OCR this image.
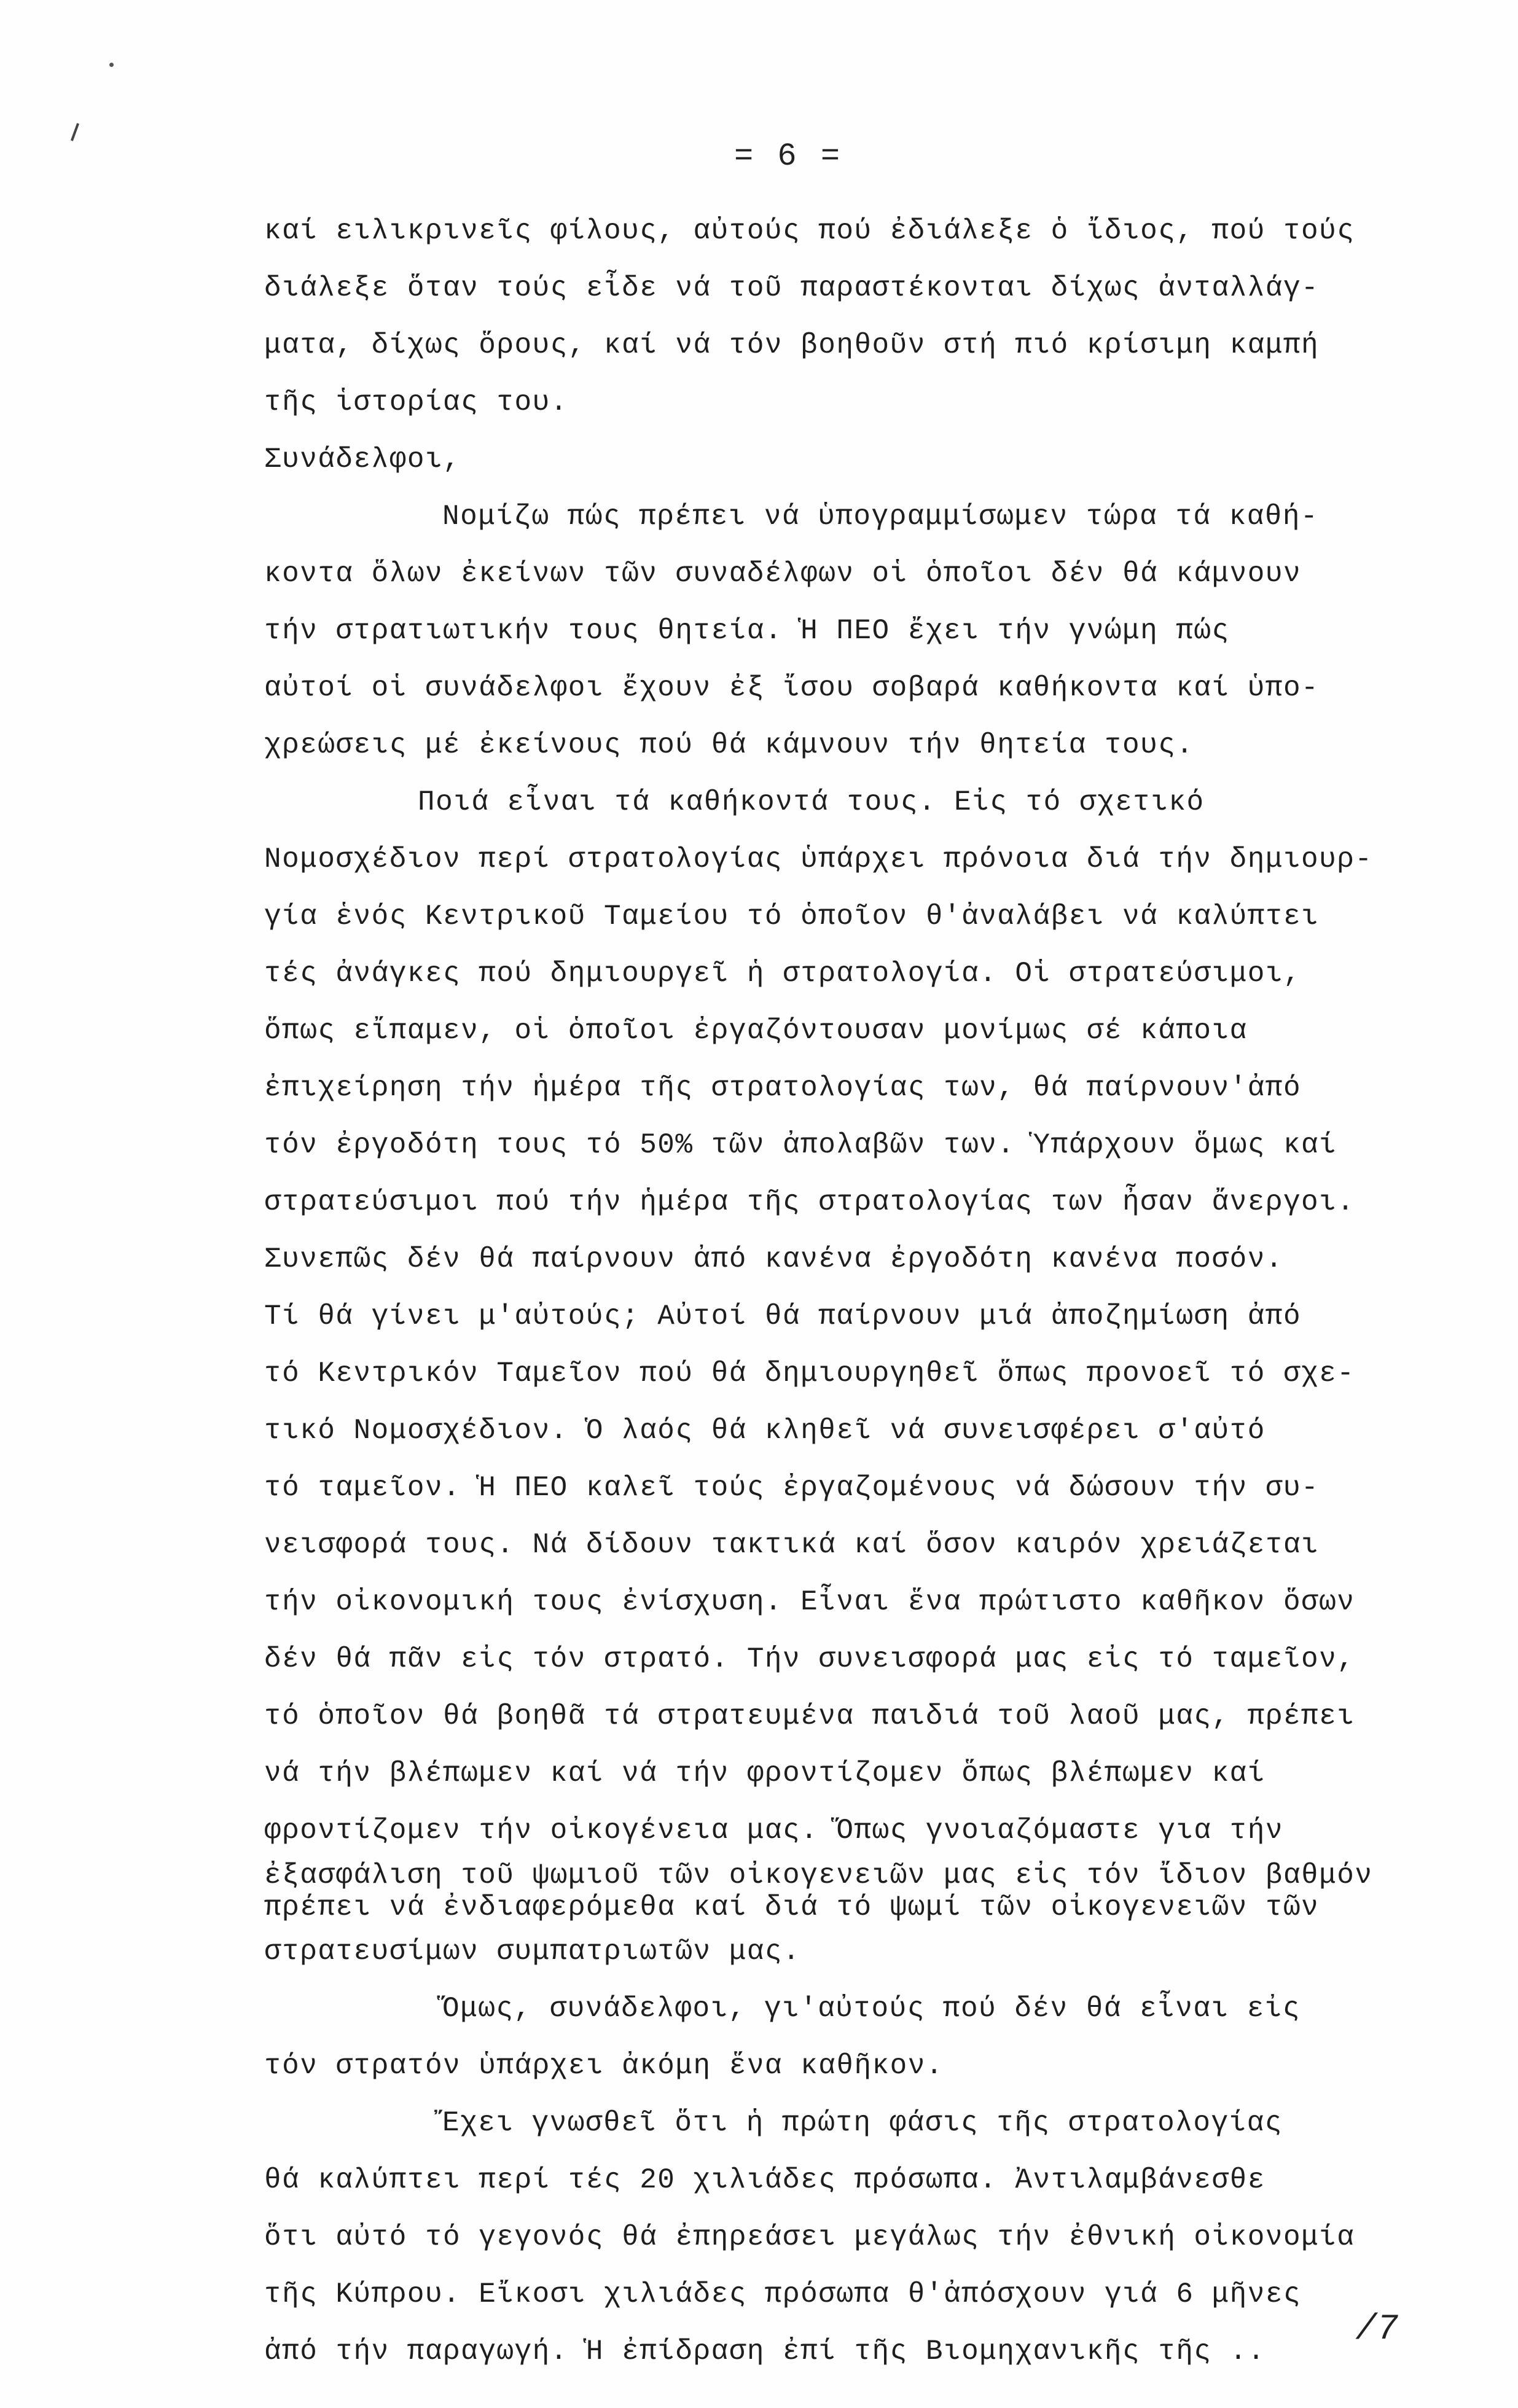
= 6 =
καί ειλικρινεῖς φίλους, αὐτούς πού ἐδιάλεξε ὁ ἴδιος, πού τούς
διάλεξε ὅταν τούς εἶδε νά τοῦ παραστέκονται δίχως ἀνταλλάγ-
ματα, δίχως ὅρους, καί νά τόν βοηθοῦν στή πιό κρίσιμη καμπή
τῆς ἱστορίας του.
Συνάδελφοι,
Νομίζω πώς πρέπει νά ὑπογραμμίσωμεν τώρα τά καθή-
κοντα ὅλων ἐκείνων τῶν συναδέλφων οἱ ὁποῖοι δέν θά κάμνουν
τήν στρατιωτικήν τους θητεία. Ἡ ΠΕΟ ἔχει τήν γνώμη πώς
αὐτοί οἱ συνάδελφοι ἔχουν ἐξ ἴσου σοβαρά καθήκοντα καί ὑπο-
χρεώσεις μέ ἐκείνους πού θά κάμνουν τήν θητεία τους.
Ποιά εἶναι τά καθήκοντά τους. Εἰς τό σχετικό
Νομοσχέδιον περί στρατολογίας ὑπάρχει πρόνοια διά τήν δημιουρ-
γία ἑνός Κεντρικοῦ Ταμείου τό ὁποῖον θ'ἀναλάβει νά καλύπτει
τές ἀνάγκες πού δημιουργεῖ ἡ στρατολογία. Οἱ στρατεύσιμοι,
ὅπως εἴπαμεν, οἱ ὁποῖοι ἐργαζόντουσαν μονίμως σέ κάποια
ἐπιχείρηση τήν ἡμέρα τῆς στρατολογίας των, θά παίρνουν'ἀπό
τόν ἐργοδότη τους τό 50% τῶν ἀπολαβῶν των. Ὑπάρχουν ὅμως καί
στρατεύσιμοι πού τήν ἡμέρα τῆς στρατολογίας των ἦσαν ἄνεργοι.
Συνεπῶς δέν θά παίρνουν ἀπό κανένα ἐργοδότη κανένα ποσόν.
Τί θά γίνει μ'αὐτούς; Αὐτοί θά παίρνουν μιά ἀποζημίωση ἀπό
τό Κεντρικόν Ταμεῖον πού θά δημιουργηθεῖ ὅπως προνοεῖ τό σχε-
τικό Νομοσχέδιον. Ὁ λαός θά κληθεῖ νά συνεισφέρει σ'αὐτό
τό ταμεῖον. Ἡ ΠΕΟ καλεῖ τούς ἐργαζομένους νά δώσουν τήν συ-
νεισφορά τους. Νά δίδουν τακτικά καί ὅσον καιρόν χρειάζεται
τήν οἰκονομική τους ἐνίσχυση. Εἶναι ἕνα πρώτιστο καθῆκον ὅσων
δέν θά πᾶν εἰς τόν στρατό. Τήν συνεισφορά μας εἰς τό ταμεῖον,
τό ὁποῖον θά βοηθᾶ τά στρατευμένα παιδιά τοῦ λαοῦ μας, πρέπει
νά τήν βλέπωμεν καί νά τήν φροντίζομεν ὅπως βλέπωμεν καί
φροντίζομεν τήν οἰκογένεια μας. Ὅπως γνοιαζόμαστε για τήν
ἐξασφάλιση τοῦ ψωμιοῦ τῶν οἰκογενειῶν μας εἰς τόν ἴδιον βαθμόν
πρέπει νά ἐνδιαφερόμεθα καί διά τό ψωμί τῶν οἰκογενειῶν τῶν
στρατευσίμων συμπατριωτῶν μας.
Ὅμως, συνάδελφοι, γι'αὐτούς πού δέν θά εἶναι εἰς
τόν στρατόν ὑπάρχει ἀκόμη ἕνα καθῆκον.
Ἔχει γνωσθεῖ ὅτι ἡ πρώτη φάσις τῆς στρατολογίας
θά καλύπτει περί τές 20 χιλιάδες πρόσωπα. Ἀντιλαμβάνεσθε
ὅτι αὐτό τό γεγονός θά ἐπηρεάσει μεγάλως τήν ἐθνική οἰκονομία
τῆς Κύπρου. Εἴκοσι χιλιάδες πρόσωπα θ'ἀπόσχουν γιά 6 μῆνες
ἀπό τήν παραγωγή. Ἡ ἐπίδραση ἐπί τῆς Βιομηχανικῆς τῆς ..
/7
